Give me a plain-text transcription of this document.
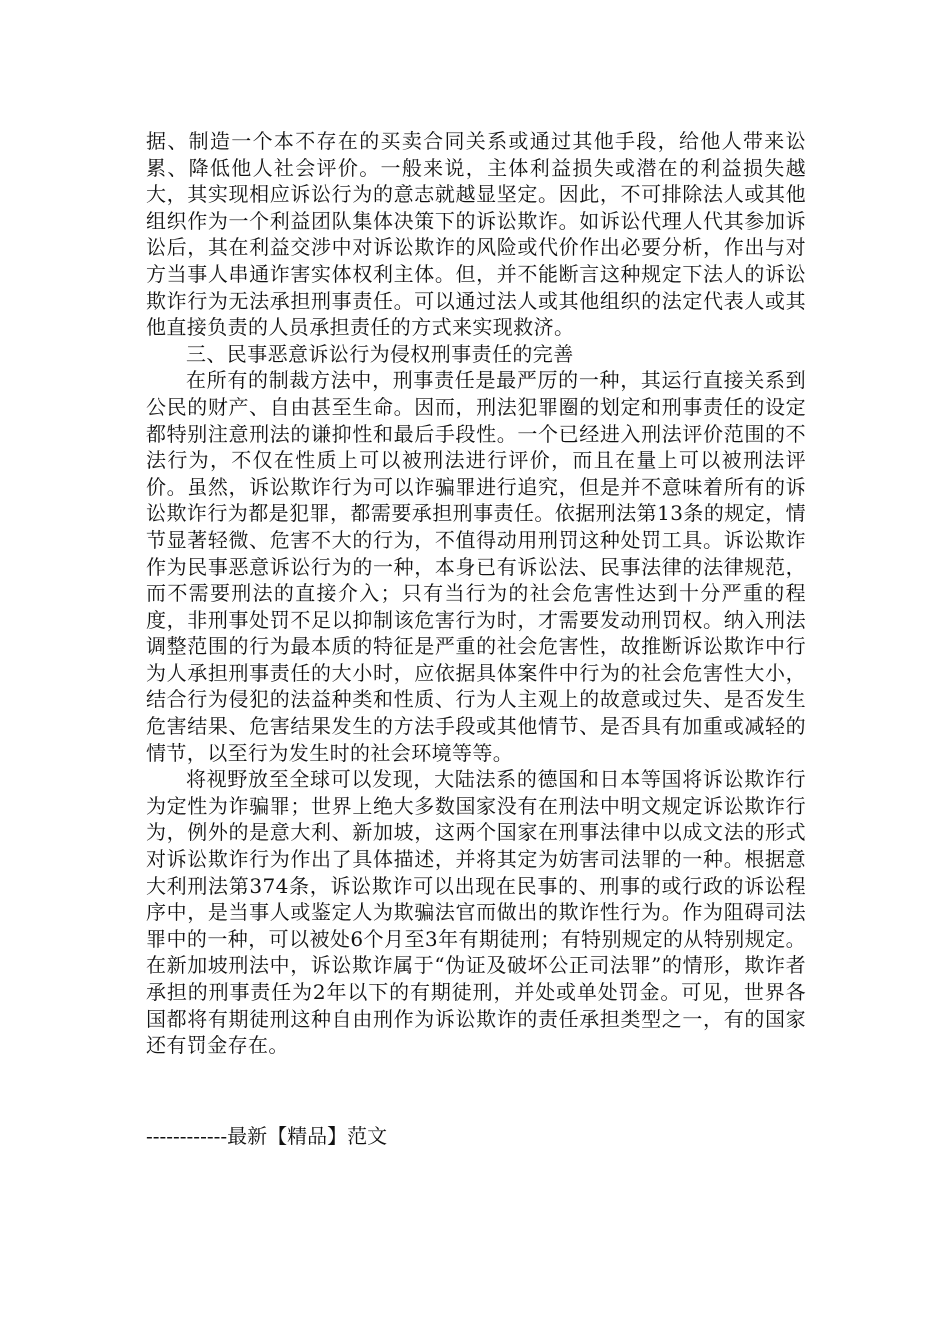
据、制造一个本不存在的买卖合同关系或通过其他手段，给他人带来讼累、降低他人社会评价。一般来说，主体利益损失或潜在的利益损失越大，其实现相应诉讼行为的意志就越显坚定。因此，不可排除法人或其他组织作为一个利益团队集体决策下的诉讼欺诈。如诉讼代理人代其参加诉讼后，其在利益交涉中对诉讼欺诈的风险或代价作出必要分析，作出与对方当事人串通诈害实体权利主体。但，并不能断言这种规定下法人的诉讼欺诈行为无法承担刑事责任。可以通过法人或其他组织的法定代表人或其他直接负责的人员承担责任的方式来实现救济。

三、民事恶意诉讼行为侵权刑事责任的完善

在所有的制裁方法中，刑事责任是最严厉的一种，其运行直接关系到公民的财产、自由甚至生命。因而，刑法犯罪圈的划定和刑事责任的设定都特别注意刑法的谦抑性和最后手段性。一个已经进入刑法评价范围的不法行为，不仅在性质上可以被刑法进行评价，而且在量上可以被刑法评价。虽然，诉讼欺诈行为可以诈骗罪进行追究，但是并不意味着所有的诉讼欺诈行为都是犯罪，都需要承担刑事责任。依据刑法第13条的规定，情节显著轻微、危害不大的行为，不值得动用刑罚这种处罚工具。诉讼欺诈作为民事恶意诉讼行为的一种，本身已有诉讼法、民事法律的法律规范，而不需要刑法的直接介入；只有当行为的社会危害性达到十分严重的程度，非刑事处罚不足以抑制该危害行为时，才需要发动刑罚权。纳入刑法调整范围的行为最本质的特征是严重的社会危害性，故推断诉讼欺诈中行为人承担刑事责任的大小时，应依据具体案件中行为的社会危害性大小，结合行为侵犯的法益种类和性质、行为人主观上的故意或过失、是否发生危害结果、危害结果发生的方法手段或其他情节、是否具有加重或减轻的情节，以至行为发生时的社会环境等等。

将视野放至全球可以发现，大陆法系的德国和日本等国将诉讼欺诈行为定性为诈骗罪；世界上绝大多数国家没有在刑法中明文规定诉讼欺诈行为，例外的是意大利、新加坡，这两个国家在刑事法律中以成文法的形式对诉讼欺诈行为作出了具体描述，并将其定为妨害司法罪的一种。根据意大利刑法第374条，诉讼欺诈可以出现在民事的、刑事的或行政的诉讼程序中，是当事人或鉴定人为欺骗法官而做出的欺诈性行为。作为阻碍司法罪中的一种，可以被处6个月至3年有期徒刑；有特别规定的从特别规定。在新加坡刑法中，诉讼欺诈属于“伪证及破坏公正司法罪”的情形，欺诈者承担的刑事责任为2年以下的有期徒刑，并处或单处罚金。可见，世界各国都将有期徒刑这种自由刑作为诉讼欺诈的责任承担类型之一，有的国家还有罚金存在。

------------最新【精品】范文
